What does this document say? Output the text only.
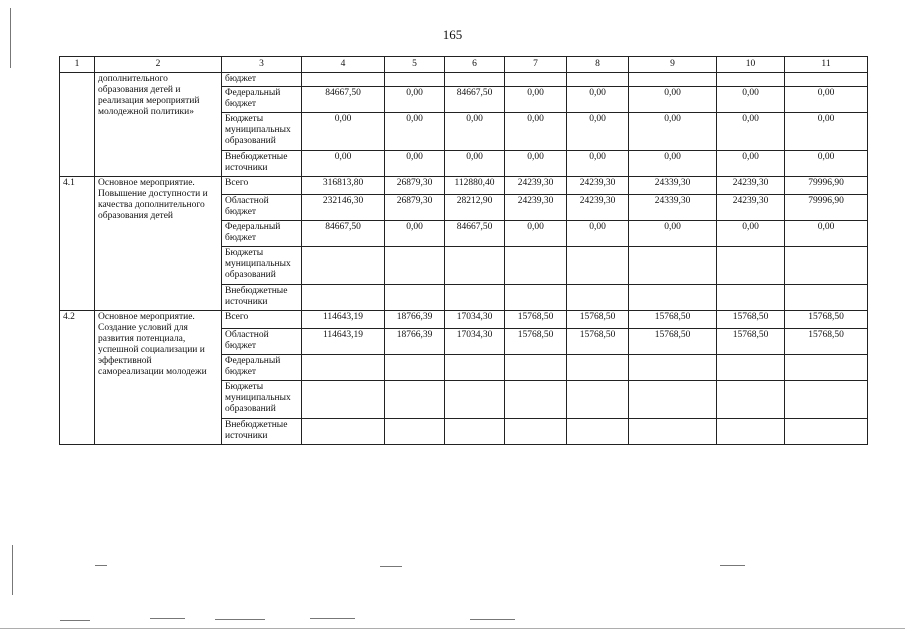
165
1	2	3	4	5	6	7	8	9	10	11
	дополнительного образования детей и реализация мероприятий молодежной политики»	бюджет								
		Федеральный бюджет	84667,50	0,00	84667,50	0,00	0,00	0,00	0,00	0,00
		Бюджеты муниципальных образований	0,00	0,00	0,00	0,00	0,00	0,00	0,00	0,00
		Внебюджетные источники	0,00	0,00	0,00	0,00	0,00	0,00	0,00	0,00
4.1	Основное мероприятие. Повышение доступности и качества дополнительного образования детей	Всего	316813,80	26879,30	112880,40	24239,30	24239,30	24339,30	24239,30	79996,90
		Областной бюджет	232146,30	26879,30	28212,90	24239,30	24239,30	24339,30	24239,30	79996,90
		Федеральный бюджет	84667,50	0,00	84667,50	0,00	0,00	0,00	0,00	0,00
		Бюджеты муниципальных образований								
		Внебюджетные источники								
4.2	Основное мероприятие. Создание условий для развития потенциала, успешной социализации и эффективной самореализации молодежи	Всего	114643,19	18766,39	17034,30	15768,50	15768,50	15768,50	15768,50	15768,50
		Областной бюджет	114643,19	18766,39	17034,30	15768,50	15768,50	15768,50	15768,50	15768,50
		Федеральный бюджет								
		Бюджеты муниципальных образований								
		Внебюджетные источники								
